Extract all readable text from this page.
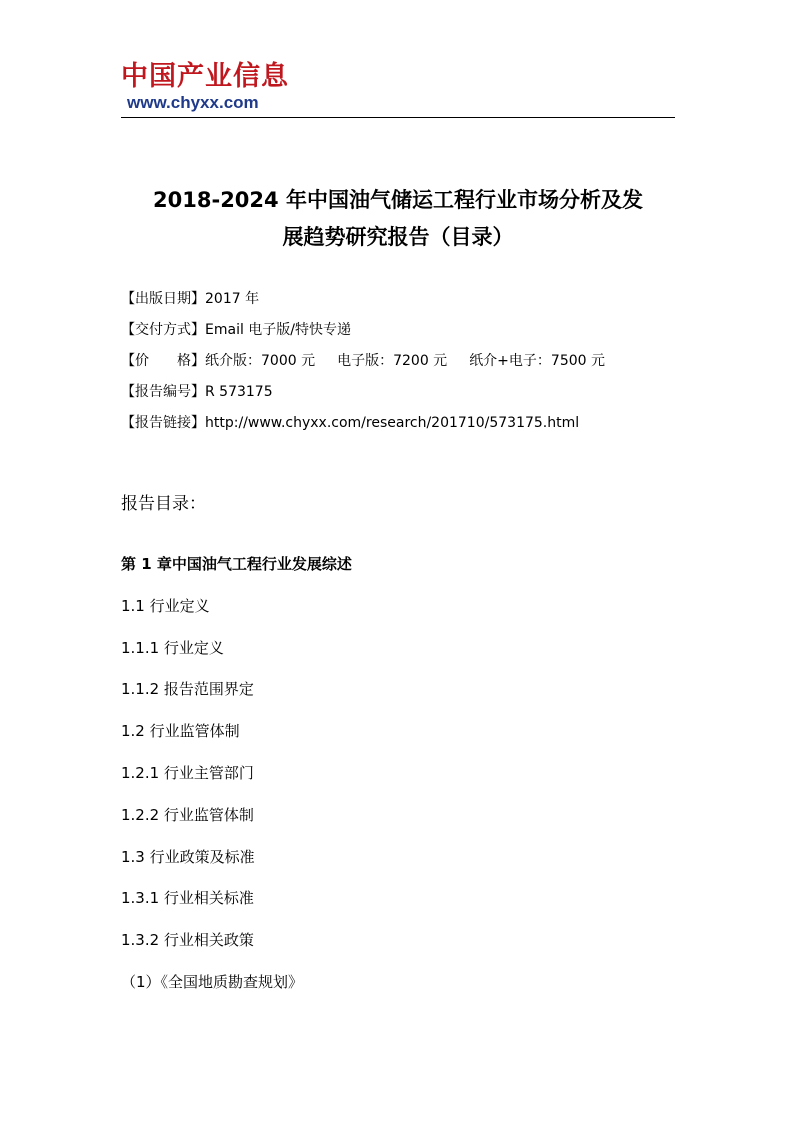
中国产业信息
www.chyxx.com
2018-2024 年中国油气储运工程行业市场分析及发
展趋势研究报告（目录）
【出版日期】2017 年
【交付方式】Email 电子版/特快专递
【价　　格】纸介版：7000 元 电子版：7200 元 纸介+电子：7500 元
【报告编号】R 573175
【报告链接】http://www.chyxx.com/research/201710/573175.html
报告目录：
第 1 章中国油气工程行业发展综述
1.1 行业定义
1.1.1 行业定义
1.1.2 报告范围界定
1.2 行业监管体制
1.2.1 行业主管部门
1.2.2 行业监管体制
1.3 行业政策及标准
1.3.1 行业相关标准
1.3.2 行业相关政策
（1）《全国地质勘查规划》
